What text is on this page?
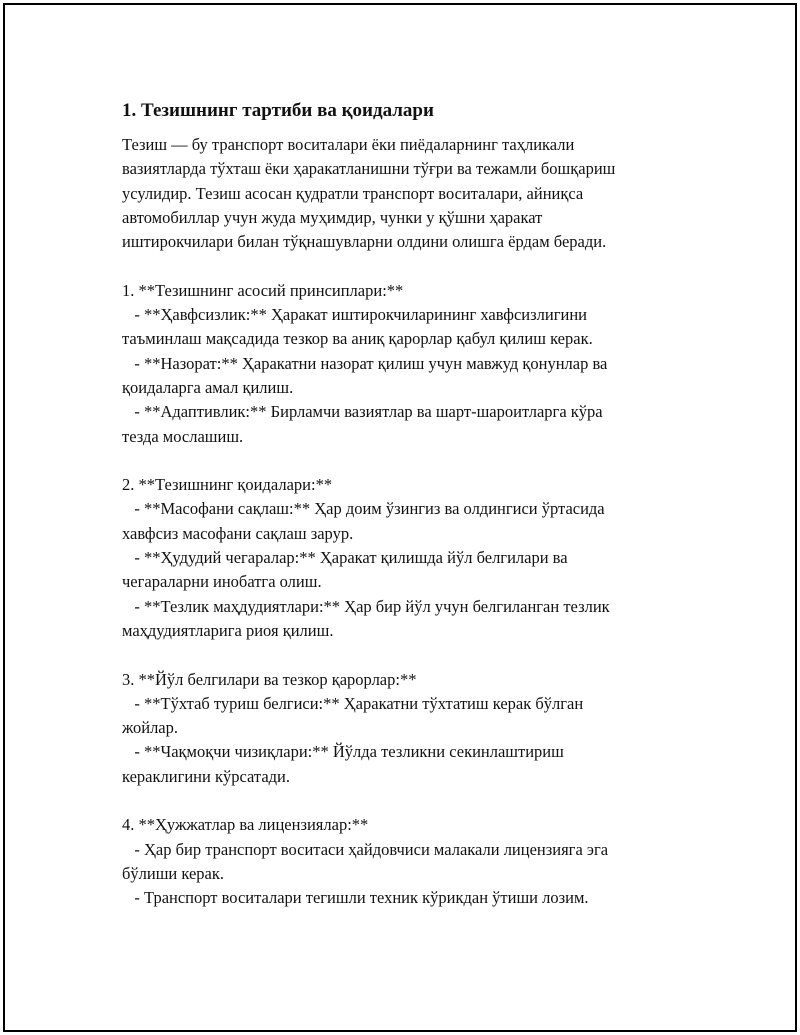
1. Тезишнинг тартиби ва қоидалари
Тезиш — бу транспорт воситалари ёки пиёдаларнинг таҳликали
вазиятларда тўхташ ёки ҳаракатланишни тўғри ва тежамли бошқариш
усулидир. Тезиш асосан қудратли транспорт воситалари, айниқса
автомобиллар учун жуда муҳимдир, чунки у қўшни ҳаракат
иштирокчилари билан тўқнашувларни олдини олишга ёрдам беради.
1. **Тезишнинг асосий принсиплари:**
- **Ҳавфсизлик:** Ҳаракат иштирокчиларининг хавфсизлигини
таъминлаш мақсадида тезкор ва аниқ қарорлар қабул қилиш керак.
- **Назорат:** Ҳаракатни назорат қилиш учун мавжуд қонунлар ва
қоидаларга амал қилиш.
- **Адаптивлик:** Бирламчи вазиятлар ва шарт-шароитларга кўра
тезда мослашиш.
2. **Тезишнинг қоидалари:**
- **Масофани сақлаш:** Ҳар доим ўзингиз ва олдингиси ўртасида
хавфсиз масофани сақлаш зарур.
- **Ҳудудий чегаралар:** Ҳаракат қилишда йўл белгилари ва
чегараларни инобатга олиш.
- **Тезлик маҳдудиятлари:** Ҳар бир йўл учун белгиланган тезлик
маҳдудиятларига риоя қилиш.
3. **Йўл белгилари ва тезкор қарорлар:**
- **Тўхтаб туриш белгиси:** Ҳаракатни тўхтатиш керак бўлган
жойлар.
- **Чақмоқчи чизиқлари:** Йўлда тезликни секинлаштириш
кераклигини кўрсатади.
4. **Ҳужжатлар ва лицензиялар:**
- Ҳар бир транспорт воситаси ҳайдовчиси малакали лицензияга эга
бўлиши керак.
- Транспорт воситалари тегишли техник кўрикдан ўтиши лозим.
